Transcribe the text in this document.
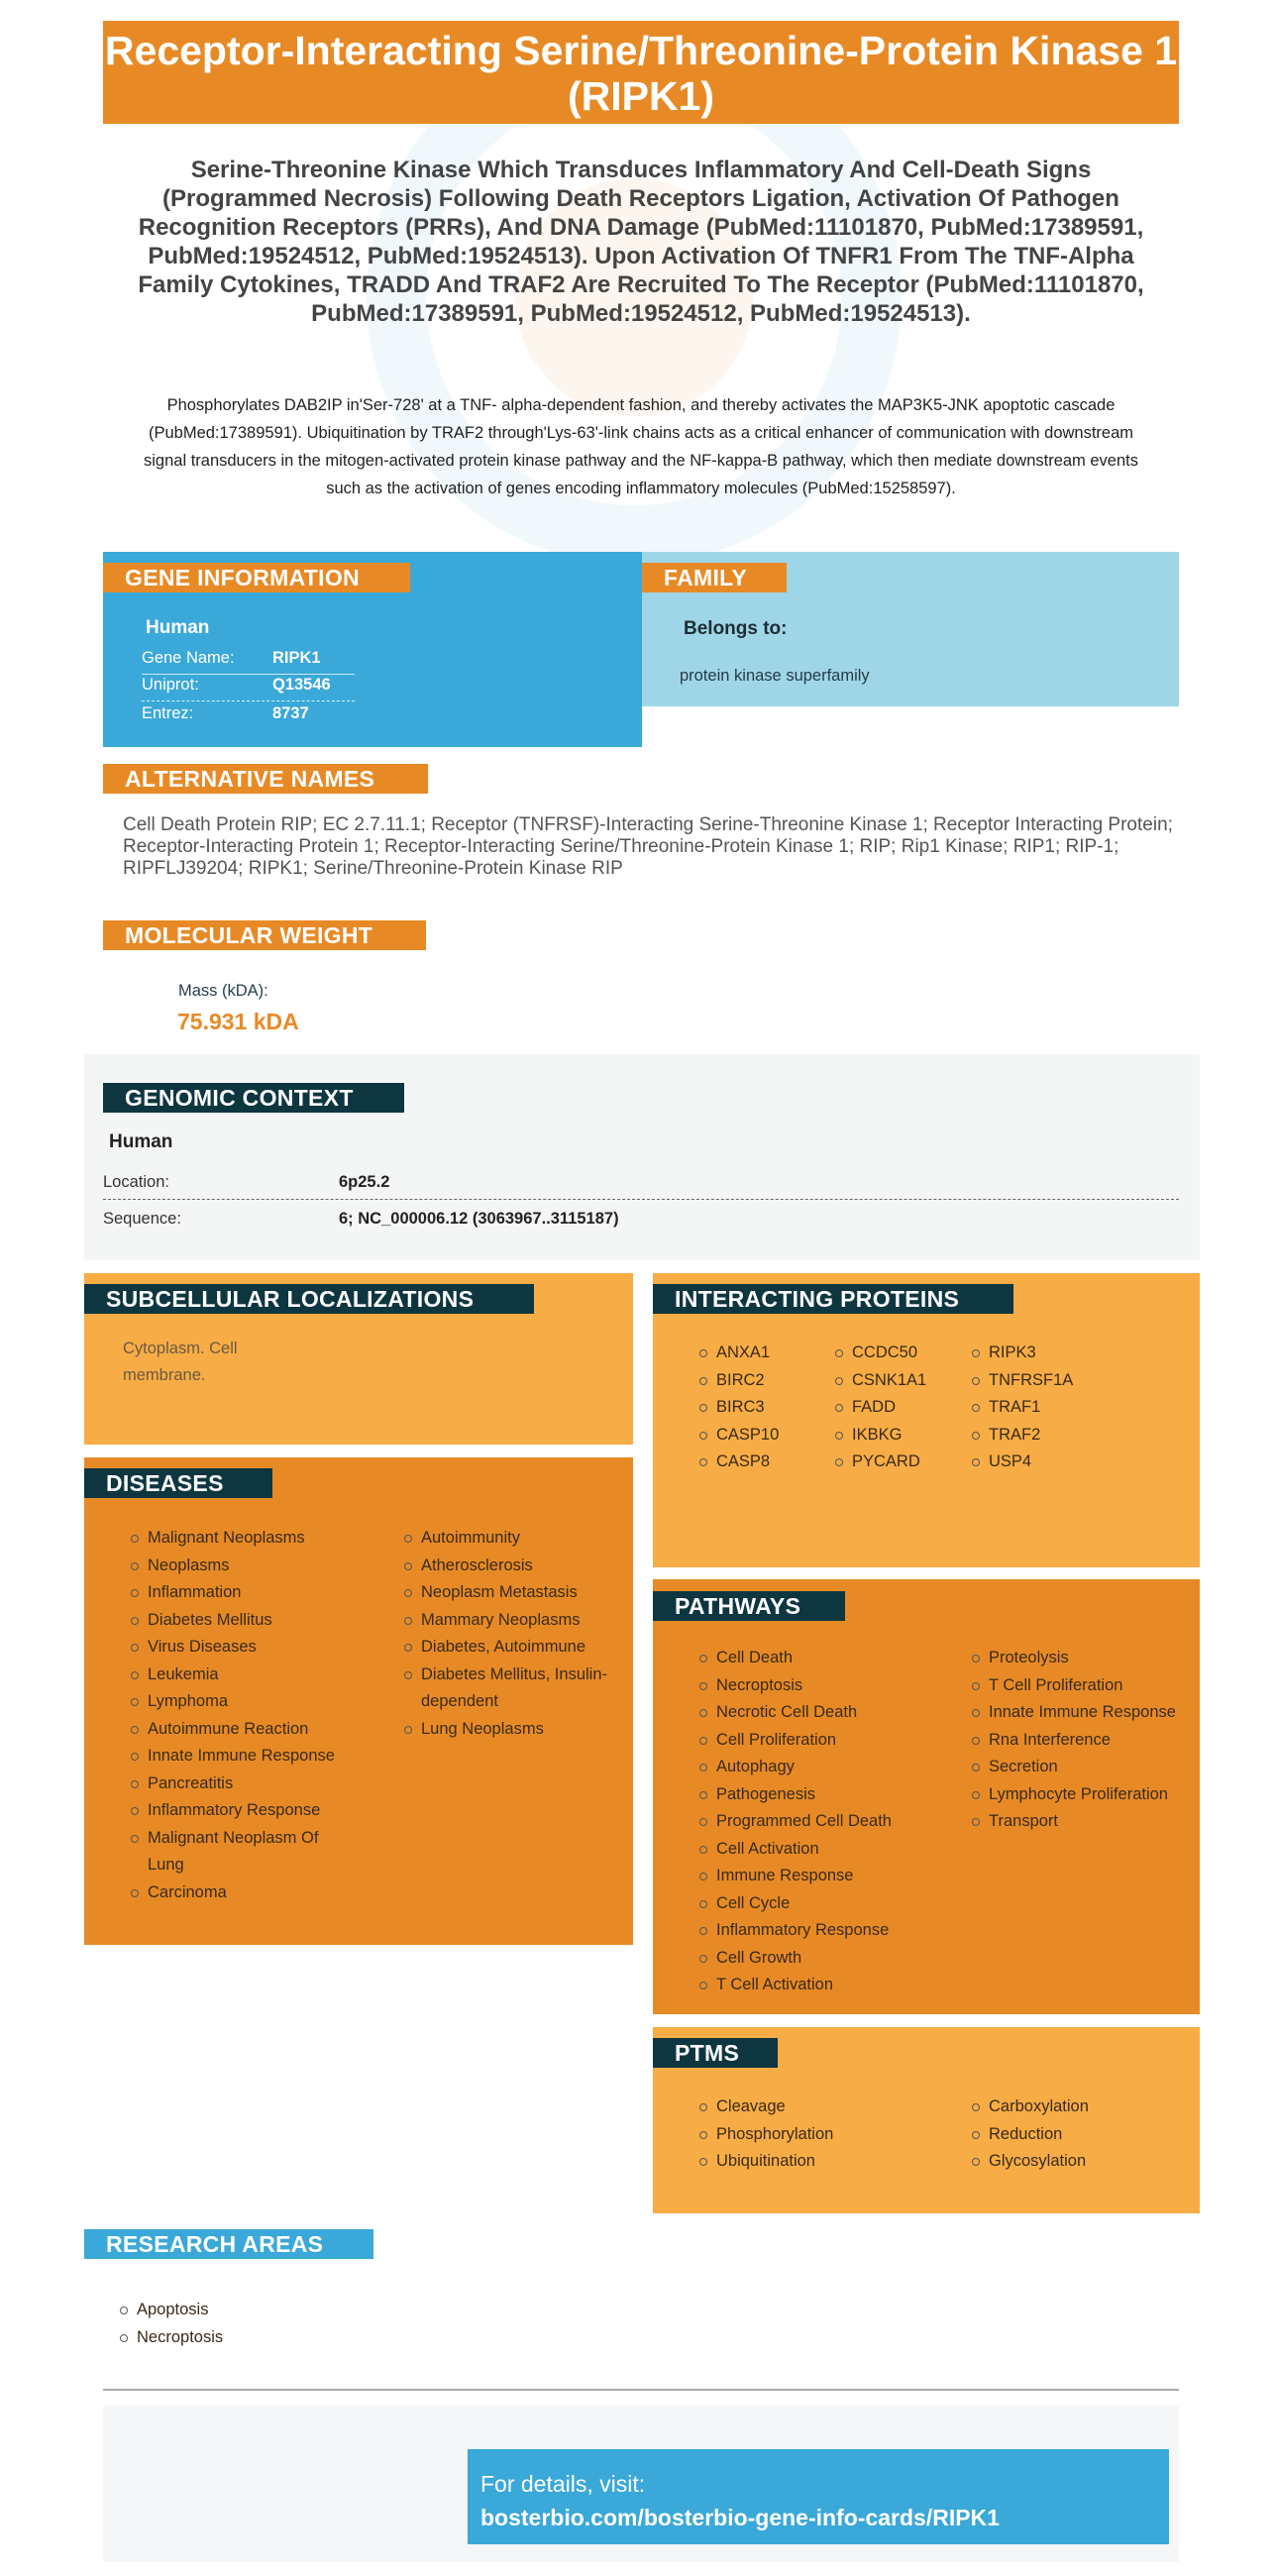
Receptor-Interacting Serine/Threonine-Protein Kinase 1 (RIPK1)
Serine-Threonine Kinase Which Transduces Inflammatory And Cell-Death Signs (Programmed Necrosis) Following Death Receptors Ligation, Activation Of Pathogen Recognition Receptors (PRRs), And DNA Damage (PubMed:11101870, PubMed:17389591, PubMed:19524512, PubMed:19524513). Upon Activation Of TNFR1 From The TNF-Alpha Family Cytokines, TRADD And TRAF2 Are Recruited To The Receptor (PubMed:11101870, PubMed:17389591, PubMed:19524512, PubMed:19524513).
Phosphorylates DAB2IP in'Ser-728' at a TNF- alpha-dependent fashion, and thereby activates the MAP3K5-JNK apoptotic cascade (PubMed:17389591). Ubiquitination by TRAF2 through'Lys-63'-link chains acts as a critical enhancer of communication with downstream signal transducers in the mitogen-activated protein kinase pathway and the NF-kappa-B pathway, which then mediate downstream events such as the activation of genes encoding inflammatory molecules (PubMed:15258597).
GENE INFORMATION
Human
Gene Name: RIPK1
Uniprot:	Q13546
Entrez:	8737
FAMILY
Belongs to:
protein kinase superfamily
ALTERNATIVE NAMES
Cell Death Protein RIP; EC 2.7.11.1; Receptor (TNFRSF)-Interacting Serine-Threonine Kinase 1; Receptor Interacting Protein; Receptor-Interacting Protein 1; Receptor-Interacting Serine/Threonine-Protein Kinase 1; RIP; Rip1 Kinase; RIP1; RIP-1; RIPFLJ39204; RIPK1; Serine/Threonine-Protein Kinase RIP
MOLECULAR WEIGHT
Mass (kDA):
75.931 kDA
GENOMIC CONTEXT
Human
Location:	6p25.2
Sequence:	6; NC_000006.12 (3063967..3115187)
SUBCELLULAR LOCALIZATIONS
Cytoplasm. Cell membrane.
DISEASES
Malignant Neoplasms
Neoplasms
Inflammation
Diabetes Mellitus
Virus Diseases
Leukemia
Lymphoma
Autoimmune Reaction
Innate Immune Response
Pancreatitis
Inflammatory Response
Malignant Neoplasm Of Lung
Carcinoma
Autoimmunity
Atherosclerosis
Neoplasm Metastasis
Mammary Neoplasms
Diabetes, Autoimmune
Diabetes Mellitus, Insulin-dependent
Lung Neoplasms
INTERACTING PROTEINS
ANXA1
BIRC2
BIRC3
CASP10
CASP8
CCDC50
CSNK1A1
FADD
IKBKG
PYCARD
RIPK3
TNFRSF1A
TRAF1
TRAF2
USP4
PATHWAYS
Cell Death
Necroptosis
Necrotic Cell Death
Cell Proliferation
Autophagy
Pathogenesis
Programmed Cell Death
Cell Activation
Immune Response
Cell Cycle
Inflammatory Response
Cell Growth
T Cell Activation
Proteolysis
T Cell Proliferation
Innate Immune Response
Rna Interference
Secretion
Lymphocyte Proliferation
Transport
PTMS
Cleavage
Phosphorylation
Ubiquitination
Carboxylation
Reduction
Glycosylation
RESEARCH AREAS
Apoptosis
Necroptosis
For details, visit:
bosterbio.com/bosterbio-gene-info-cards/RIPK1
